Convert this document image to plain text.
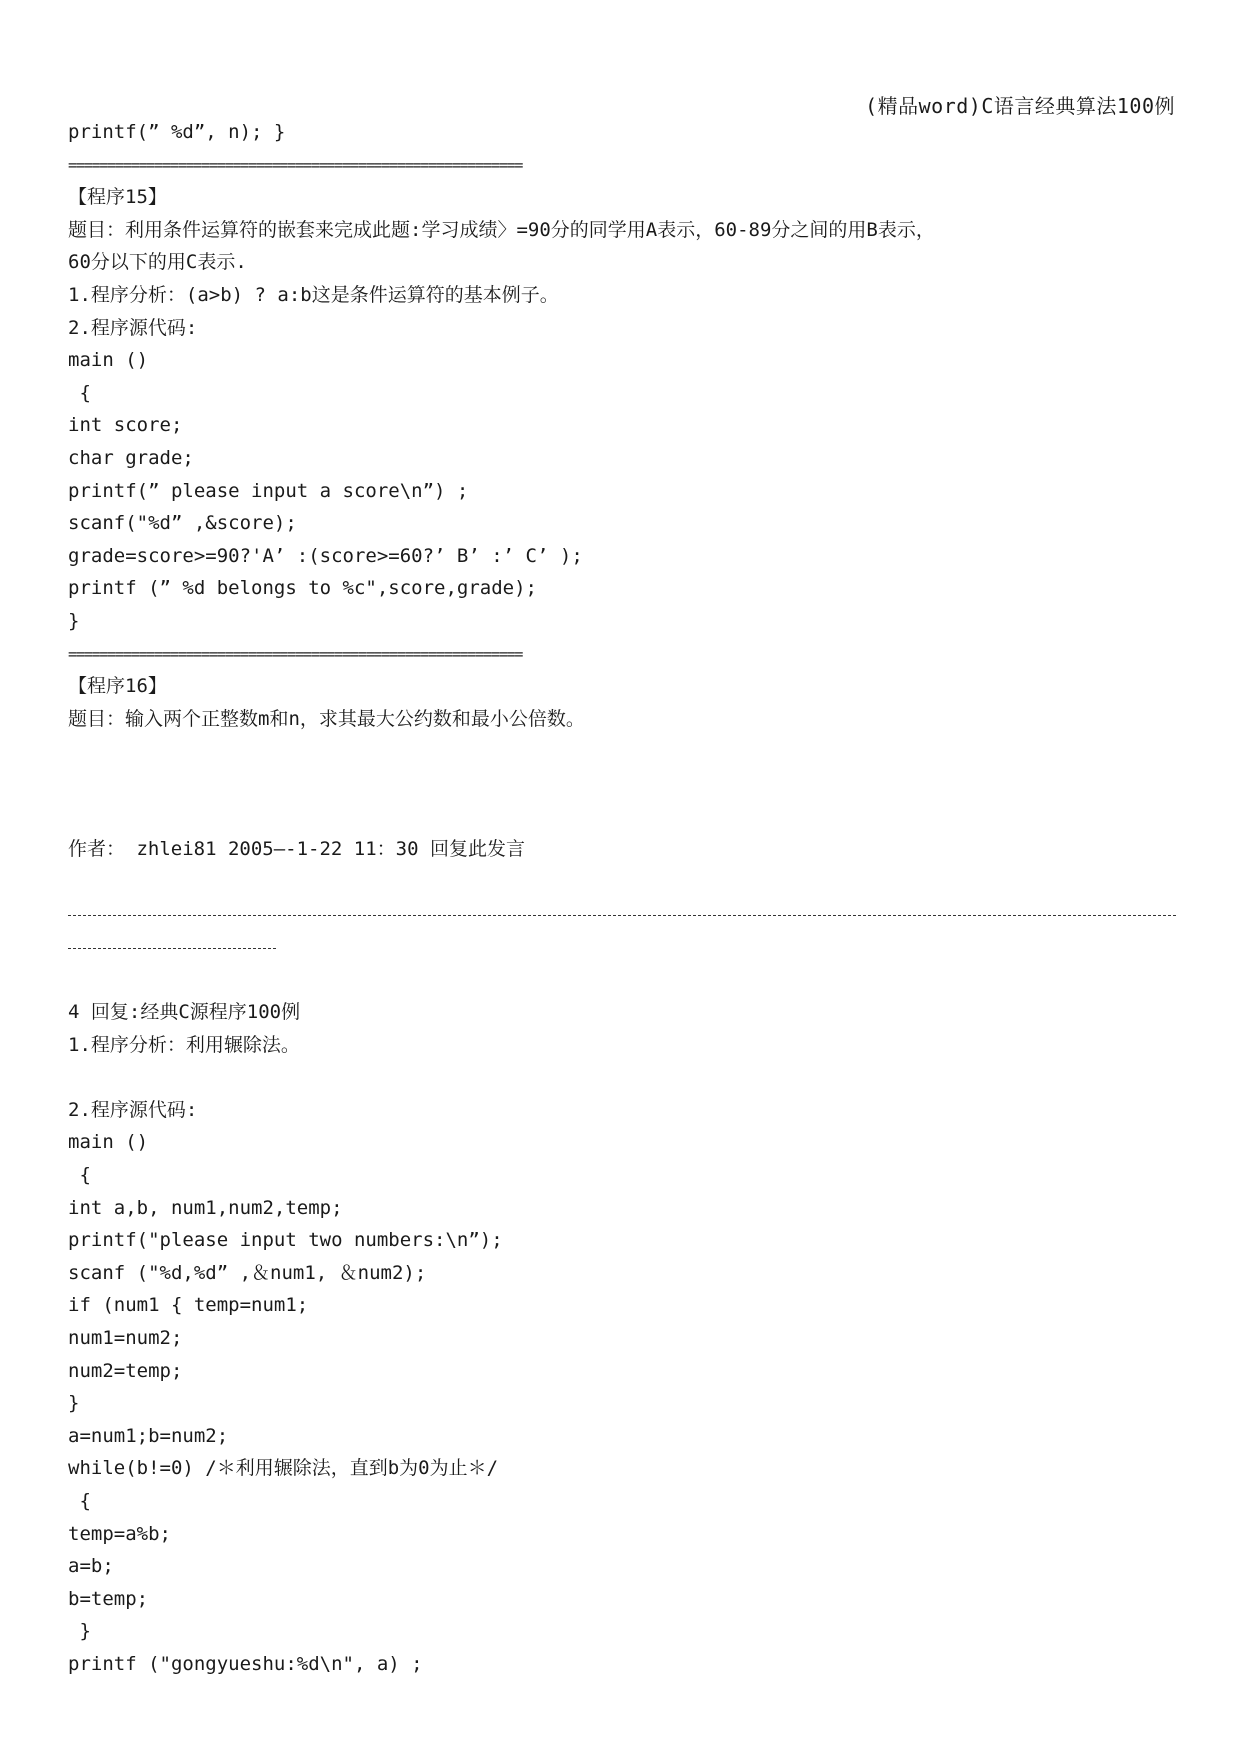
(精品word)C语言经典算法100例
printf(” %d”, n); }
==========================================================
【程序15】
题目：利用条件运算符的嵌套来完成此题:学习成绩〉=90分的同学用A表示，60-89分之间的用B表示，
60分以下的用C表示.
1.程序分析：(a>b) ? a:b这是条件运算符的基本例子。
2.程序源代码:
main ()
{
int score;
char grade;
printf(” please input a score\n”) ;
scanf("%d” ,&score);
grade=score>=90?'A’ :(score>=60?’ B’ :’ C’ );
printf (” %d belongs to %c",score,grade);
}
==========================================================
【程序16】
题目：输入两个正整数m和n，求其最大公约数和最小公倍数。
作者： zhlei81 2005—-1-22 11：30 回复此发言
4 回复:经典C源程序100例
1.程序分析：利用辗除法。
2.程序源代码:
main ()
{
int a,b, num1,num2,temp;
printf("please input two numbers:\n”);
scanf ("%d,%d” ,＆num1, ＆num2);
if (num1 { temp=num1;
num1=num2;
num2=temp;
}
a=num1;b=num2;
while(b!=0) /＊利用辗除法，直到b为0为止＊/
{
temp=a%b;
a=b;
b=temp;
}
printf ("gongyueshu:%d\n", a) ;
